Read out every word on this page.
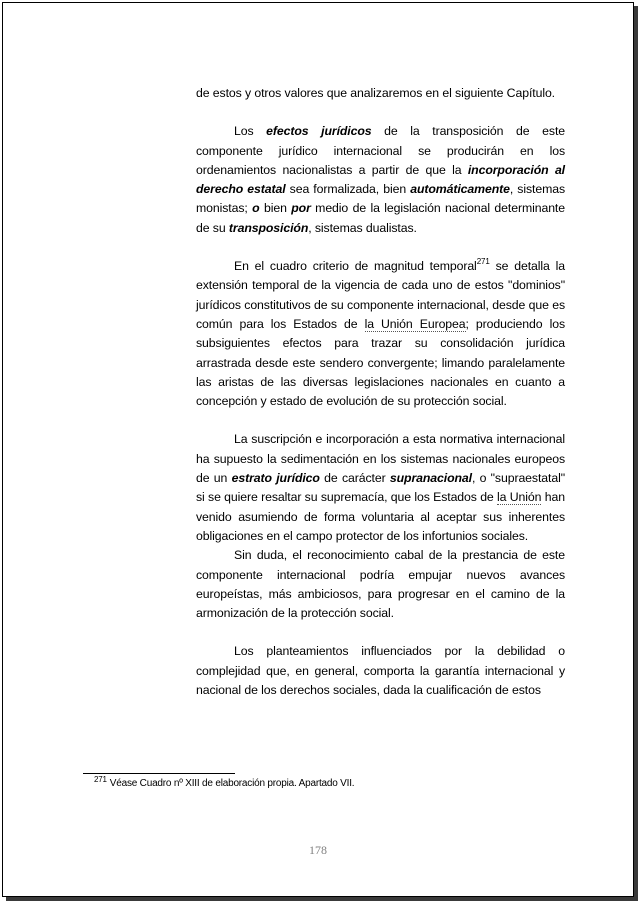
de estos y otros valores que analizaremos en el siguiente Capítulo.

Los efectos jurídicos de la transposición de este componente jurídico internacional se producirán en los ordenamientos nacionalistas a partir de que la incorporación al derecho estatal sea formalizada, bien automáticamente, sistemas monistas; o bien por medio de la legislación nacional determinante de su transposición, sistemas dualistas.

En el cuadro criterio de magnitud temporal$^{271}$ se detalla la extensión temporal de la vigencia de cada uno de estos "dominios" jurídicos constitutivos de su componente internacional, desde que es común para los Estados de la Unión Europea; produciendo los subsiguientes efectos para trazar su consolidación jurídica arrastrada desde este sendero convergente; limando paralelamente las aristas de las diversas legislaciones nacionales en cuanto a concepción y estado de evolución de su protección social.

La suscripción e incorporación a esta normativa internacional ha supuesto la sedimentación en los sistemas nacionales europeos de un estrato jurídico de carácter supranacional, o "supraestatal" si se quiere resaltar su supremacía, que los Estados de la Unión han venido asumiendo de forma voluntaria al aceptar sus inherentes obligaciones en el campo protector de los infortunios sociales.

Sin duda, el reconocimiento cabal de la prestancia de este componente internacional podría empujar nuevos avances europeístas, más ambiciosos, para progresar en el camino de la armonización de la protección social.

Los planteamientos influenciados por la debilidad o complejidad que, en general, comporta la garantía internacional y nacional de los derechos sociales, dada la cualificación de estos

$^{271}$ Véase Cuadro nº XIII de elaboración propia. Apartado VII.
178
